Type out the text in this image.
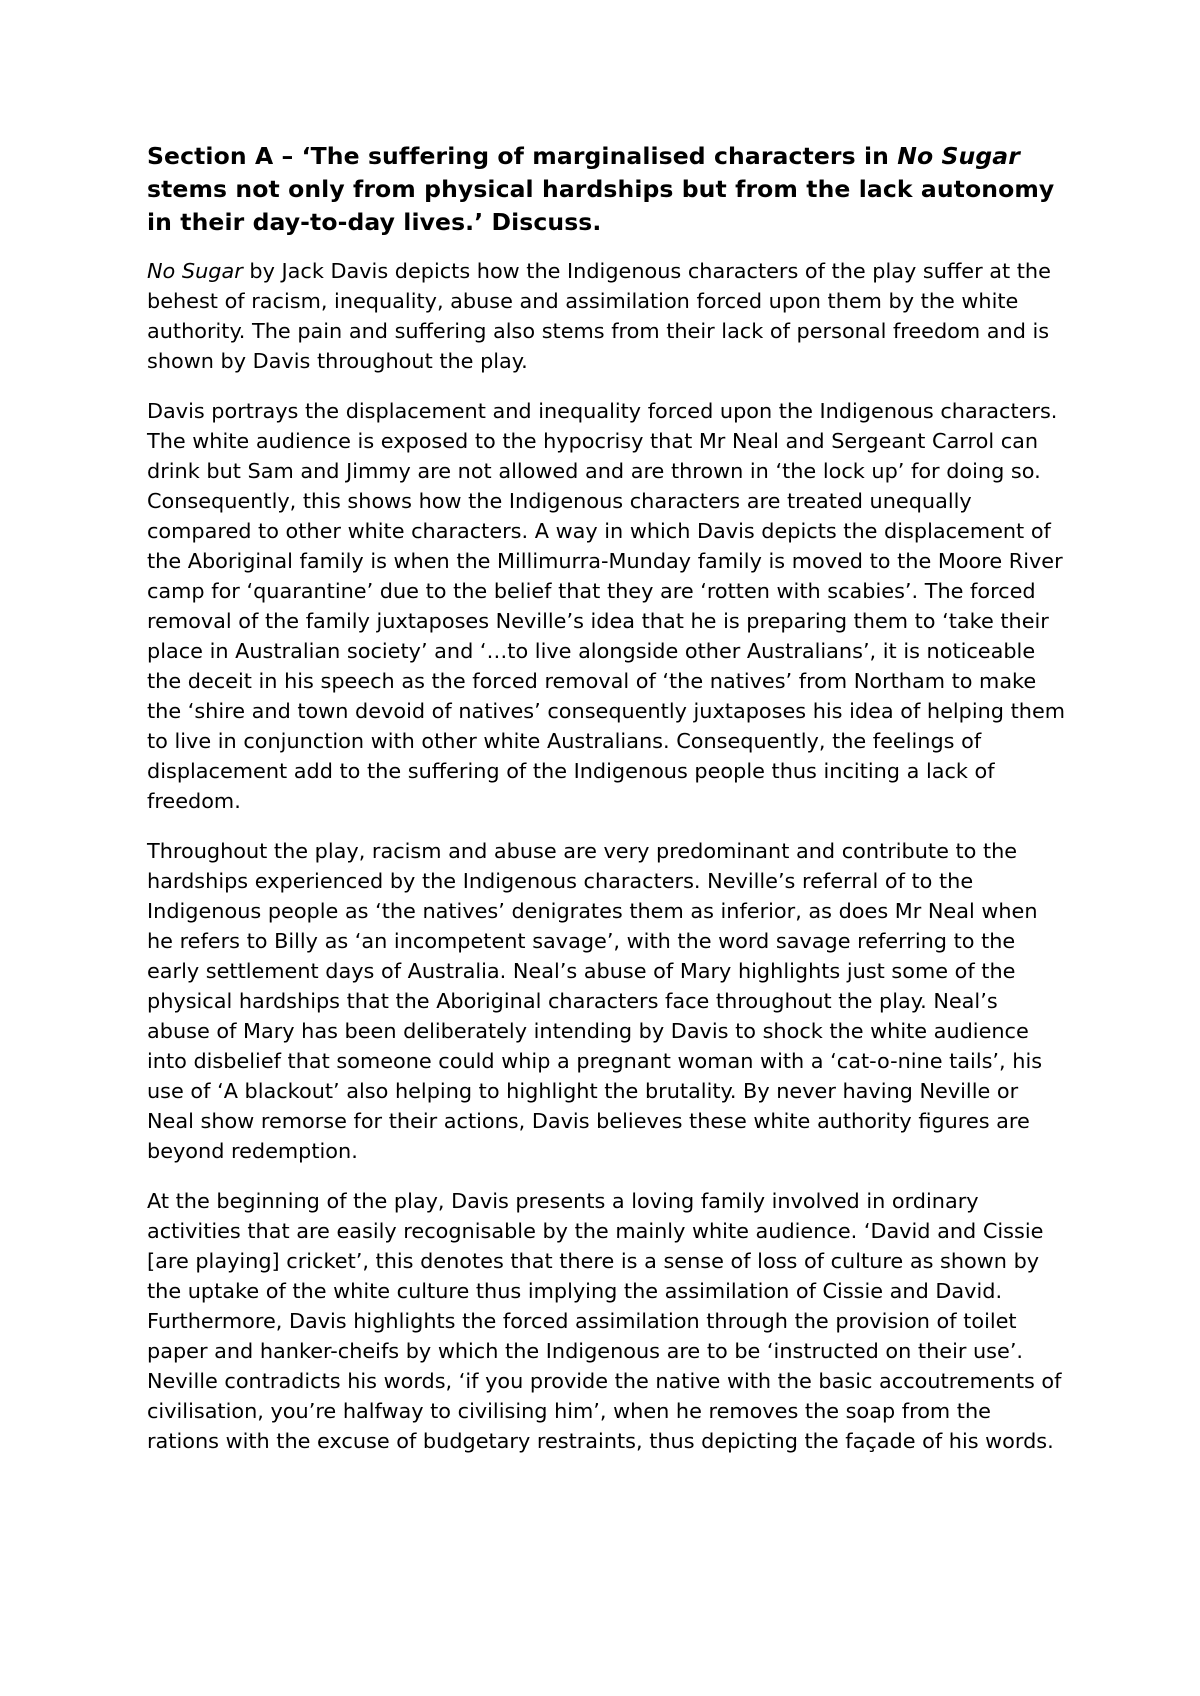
Section A – ‘The suffering of marginalised characters in No Sugar stems not only from physical hardships but from the lack autonomy in their day-to-day lives.’ Discuss.

No Sugar by Jack Davis depicts how the Indigenous characters of the play suffer at the behest of racism, inequality, abuse and assimilation forced upon them by the white authority. The pain and suffering also stems from their lack of personal freedom and is shown by Davis throughout the play.

Davis portrays the displacement and inequality forced upon the Indigenous characters. The white audience is exposed to the hypocrisy that Mr Neal and Sergeant Carrol can drink but Sam and Jimmy are not allowed and are thrown in ‘the lock up’ for doing so. Consequently, this shows how the Indigenous characters are treated unequally compared to other white characters. A way in which Davis depicts the displacement of the Aboriginal family is when the Millimurra-Munday family is moved to the Moore River camp for ‘quarantine’ due to the belief that they are ‘rotten with scabies’. The forced removal of the family juxtaposes Neville’s idea that he is preparing them to ‘take their place in Australian society’ and ‘…to live alongside other Australians’, it is noticeable the deceit in his speech as the forced removal of ‘the natives’ from Northam to make the ‘shire and town devoid of natives’ consequently juxtaposes his idea of helping them to live in conjunction with other white Australians. Consequently, the feelings of displacement add to the suffering of the Indigenous people thus inciting a lack of freedom.

Throughout the play, racism and abuse are very predominant and contribute to the hardships experienced by the Indigenous characters. Neville’s referral of to the Indigenous people as ‘the natives’ denigrates them as inferior, as does Mr Neal when he refers to Billy as ‘an incompetent savage’, with the word savage referring to the early settlement days of Australia. Neal’s abuse of Mary highlights just some of the physical hardships that the Aboriginal characters face throughout the play. Neal’s abuse of Mary has been deliberately intending by Davis to shock the white audience into disbelief that someone could whip a pregnant woman with a ‘cat-o-nine tails’, his use of ‘A blackout’ also helping to highlight the brutality. By never having Neville or Neal show remorse for their actions, Davis believes these white authority figures are beyond redemption.

At the beginning of the play, Davis presents a loving family involved in ordinary activities that are easily recognisable by the mainly white audience. ‘David and Cissie [are playing] cricket’, this denotes that there is a sense of loss of culture as shown by the uptake of the white culture thus implying the assimilation of Cissie and David. Furthermore, Davis highlights the forced assimilation through the provision of toilet paper and hanker-cheifs by which the Indigenous are to be ‘instructed on their use’. Neville contradicts his words, ‘if you provide the native with the basic accoutrements of civilisation, you’re halfway to civilising him’, when he removes the soap from the rations with the excuse of budgetary restraints, thus depicting the façade of his words.
